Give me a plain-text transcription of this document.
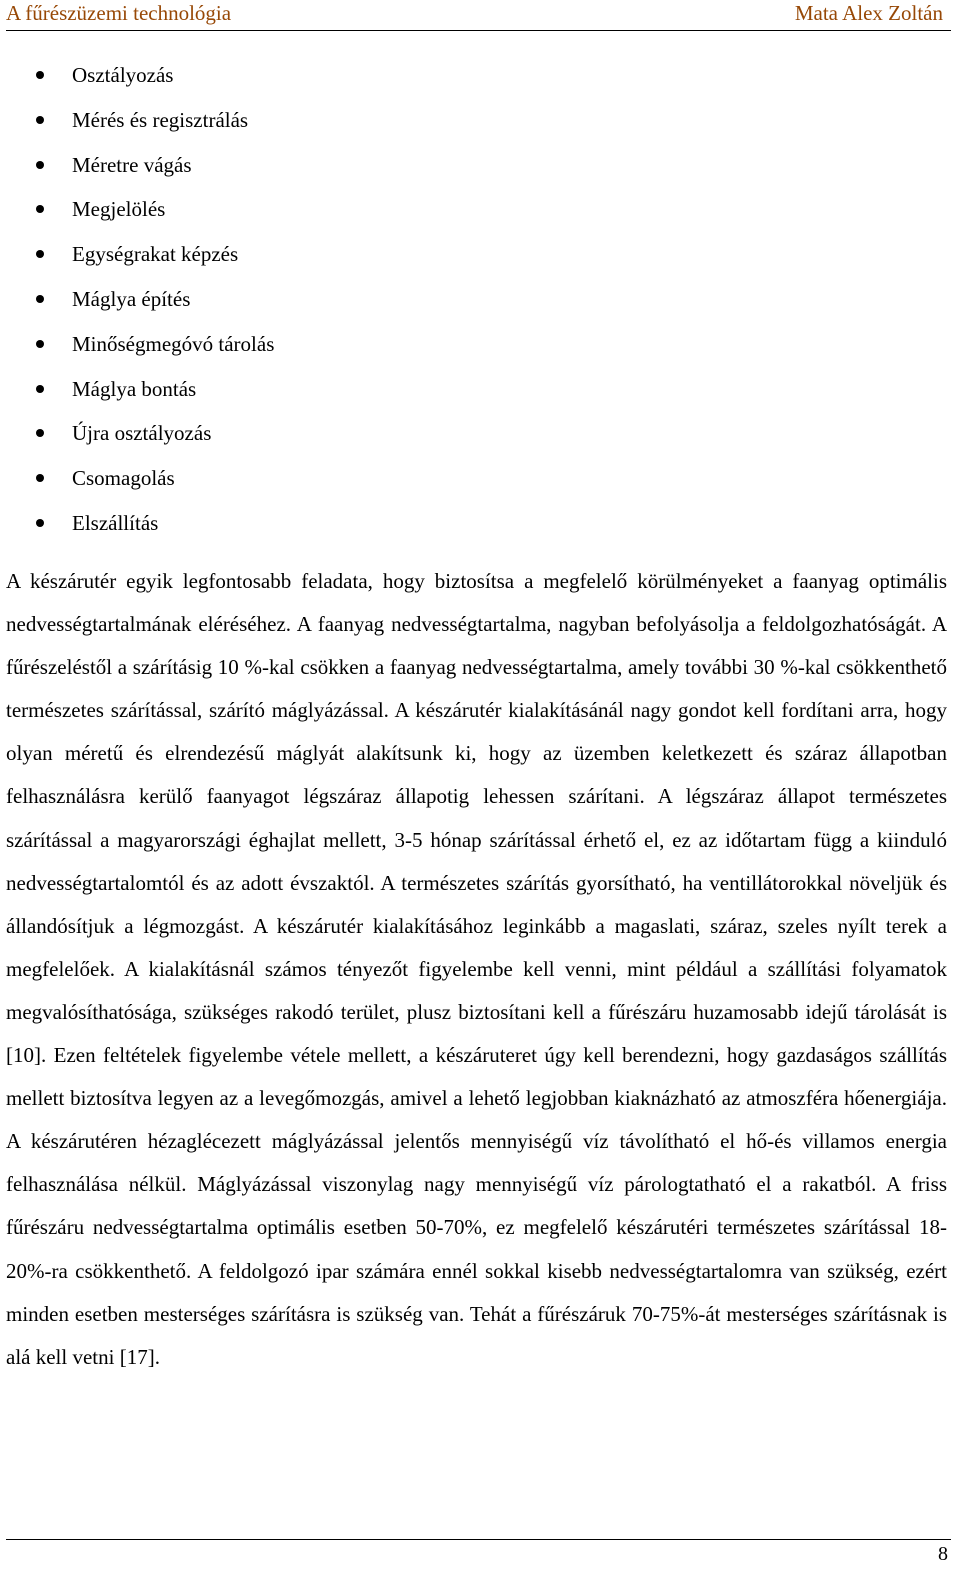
A fűrészüzemi technológia	Mata Alex Zoltán
Osztályozás
Mérés és regisztrálás
Méretre vágás
Megjelölés
Egységrakat képzés
Máglya építés
Minőségmegóvó tárolás
Máglya bontás
Újra osztályozás
Csomagolás
Elszállítás

A készárutér egyik legfontosabb feladata, hogy biztosítsa a megfelelő körülményeket a faanyag optimális nedvességtartalmának eléréséhez. A faanyag nedvességtartalma, nagyban befolyásolja a feldolgozhatóságát. A fűrészeléstől a szárításig 10 %-kal csökken a faanyag nedvességtartalma, amely további 30 %-kal csökkenthető természetes szárítással, szárító máglyázással. A készárutér kialakításánál nagy gondot kell fordítani arra, hogy olyan méretű és elrendezésű máglyát alakítsunk ki, hogy az üzemben keletkezett és száraz állapotban felhasználásra kerülő faanyagot légszáraz állapotig lehessen szárítani. A légszáraz állapot természetes szárítással a magyarországi éghajlat mellett, 3-5 hónap szárítással érhető el, ez az időtartam függ a kiinduló nedvességtartalomtól és az adott évszaktól. A természetes szárítás gyorsítható, ha ventillátorokkal növeljük és állandósítjuk a légmozgást. A készárutér kialakításához leginkább a magaslati, száraz, szeles nyílt terek a megfelelőek. A kialakításnál számos tényezőt figyelembe kell venni, mint például a szállítási folyamatok megvalósíthatósága, szükséges rakodó terület, plusz biztosítani kell a fűrészáru huzamosabb idejű tárolását is [10]. Ezen feltételek figyelembe vétele mellett, a készáruteret úgy kell berendezni, hogy gazdaságos szállítás mellett biztosítva legyen az a levegőmozgás, amivel a lehető legjobban kiaknázható az atmoszféra hőenergiája. A készárutéren hézaglécezett máglyázással jelentős mennyiségű víz távolítható el hő-és villamos energia felhasználása nélkül. Máglyázással viszonylag nagy mennyiségű víz párologtatható el a rakatból. A friss fűrészáru nedvességtartalma optimális esetben 50-70%, ez megfelelő készárutéri természetes szárítással 18-20%-ra csökkenthető. A feldolgozó ipar számára ennél sokkal kisebb nedvességtartalomra van szükség, ezért minden esetben mesterséges szárításra is szükség van. Tehát a fűrészáruk 70-75%-át mesterséges szárításnak is alá kell vetni [17].

8
